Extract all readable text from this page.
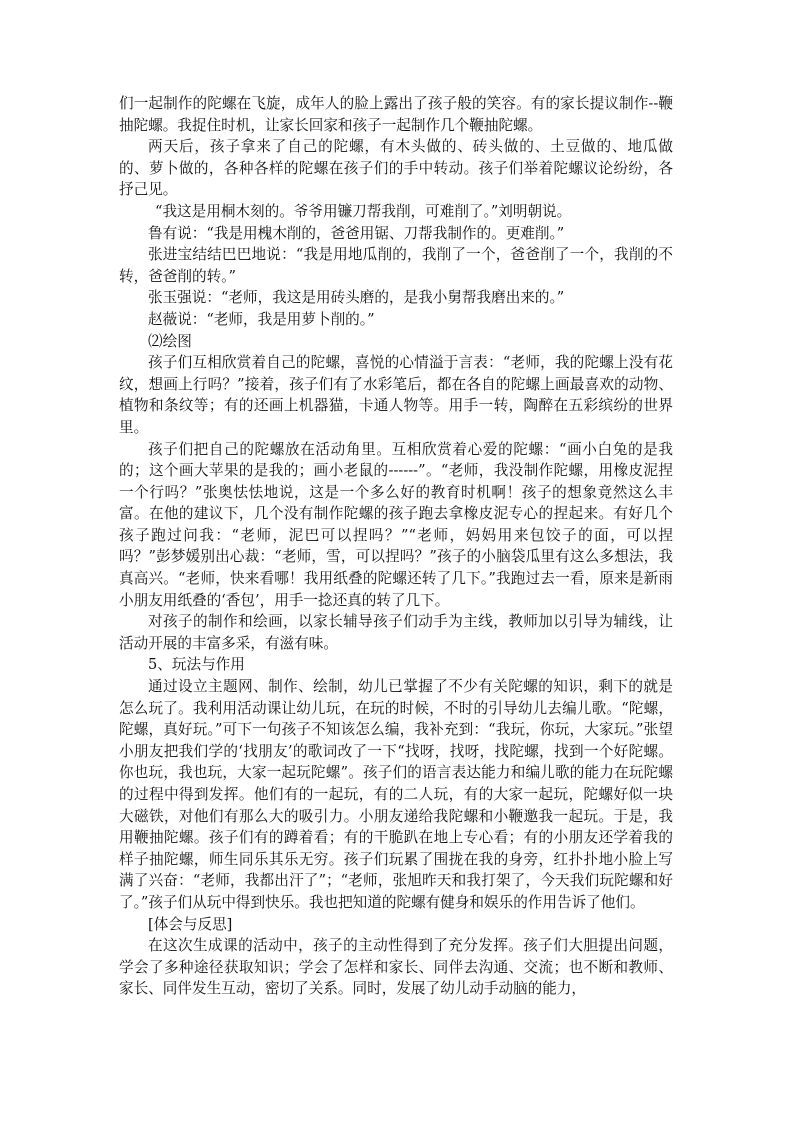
们一起制作的陀螺在飞旋，成年人的脸上露出了孩子般的笑容。有的家长提议制作--鞭抽陀螺。我捉住时机，让家长回家和孩子一起制作几个鞭抽陀螺。

两天后，孩子拿来了自己的陀螺，有木头做的、砖头做的、土豆做的、地瓜做的、萝卜做的，各种各样的陀螺在孩子们的手中转动。孩子们举着陀螺议论纷纷，各抒己见。

“我这是用桐木刻的。爷爷用镰刀帮我削，可难削了。”刘明朝说。

鲁有说：“我是用槐木削的，爸爸用锯、刀帮我制作的。更难削。”

张进宝结结巴巴地说：“我是用地瓜削的，我削了一个，爸爸削了一个，我削的不转，爸爸削的转。”

张玉强说：“老师，我这是用砖头磨的，是我小舅帮我磨出来的。”

赵薇说：“老师，我是用萝卜削的。”

⑵绘图

孩子们互相欣赏着自己的陀螺，喜悦的心情溢于言表：“老师，我的陀螺上没有花纹，想画上行吗？”接着，孩子们有了水彩笔后，都在各自的陀螺上画最喜欢的动物、植物和条纹等；有的还画上机器猫，卡通人物等。用手一转，陶醉在五彩缤纷的世界里。

孩子们把自己的陀螺放在活动角里。互相欣赏着心爱的陀螺：“画小白兔的是我的；这个画大苹果的是我的；画小老鼠的------”。“老师，我没制作陀螺，用橡皮泥捏一个行吗？”张奥怯怯地说，这是一个多么好的教育时机啊！孩子的想象竟然这么丰富。在他的建议下，几个没有制作陀螺的孩子跑去拿橡皮泥专心的捏起来。有好几个孩子跑过问我：“老师，泥巴可以捏吗？”“老师，妈妈用来包饺子的面，可以捏吗？”彭梦媛别出心裁：“老师，雪，可以捏吗？”孩子的小脑袋瓜里有这么多想法，我真高兴。“老师，快来看哪！我用纸叠的陀螺还转了几下。”我跑过去一看，原来是新雨小朋友用纸叠的‘香包’，用手一捻还真的转了几下。

对孩子的制作和绘画，以家长辅导孩子们动手为主线，教师加以引导为辅线，让活动开展的丰富多采，有滋有味。

5、玩法与作用

通过设立主题网、制作、绘制，幼儿已掌握了不少有关陀螺的知识，剩下的就是怎么玩了。我利用活动课让幼儿玩，在玩的时候，不时的引导幼儿去编儿歌。“陀螺，陀螺，真好玩。”可下一句孩子不知该怎么编，我补充到：“我玩，你玩，大家玩。”张望小朋友把我们学的‘找朋友’的歌词改了一下“找呀，找呀，找陀螺，找到一个好陀螺。你也玩，我也玩，大家一起玩陀螺”。孩子们的语言表达能力和编儿歌的能力在玩陀螺的过程中得到发挥。他们有的一起玩，有的二人玩，有的大家一起玩，陀螺好似一块大磁铁，对他们有那么大的吸引力。小朋友递给我陀螺和小鞭邀我一起玩。于是，我用鞭抽陀螺。孩子们有的蹲着看；有的干脆趴在地上专心看；有的小朋友还学着我的样子抽陀螺，师生同乐其乐无穷。孩子们玩累了围拢在我的身旁，红扑扑地小脸上写满了兴奋：“老师，我都出汗了”；“老师，张旭昨天和我打架了，今天我们玩陀螺和好了。”孩子们从玩中得到快乐。我也把知道的陀螺有健身和娱乐的作用告诉了他们。

[体会与反思]

在这次生成课的活动中，孩子的主动性得到了充分发挥。孩子们大胆提出问题，学会了多种途径获取知识；学会了怎样和家长、同伴去沟通、交流；也不断和教师、家长、同伴发生互动，密切了关系。同时，发展了幼儿动手动脑的能力，
